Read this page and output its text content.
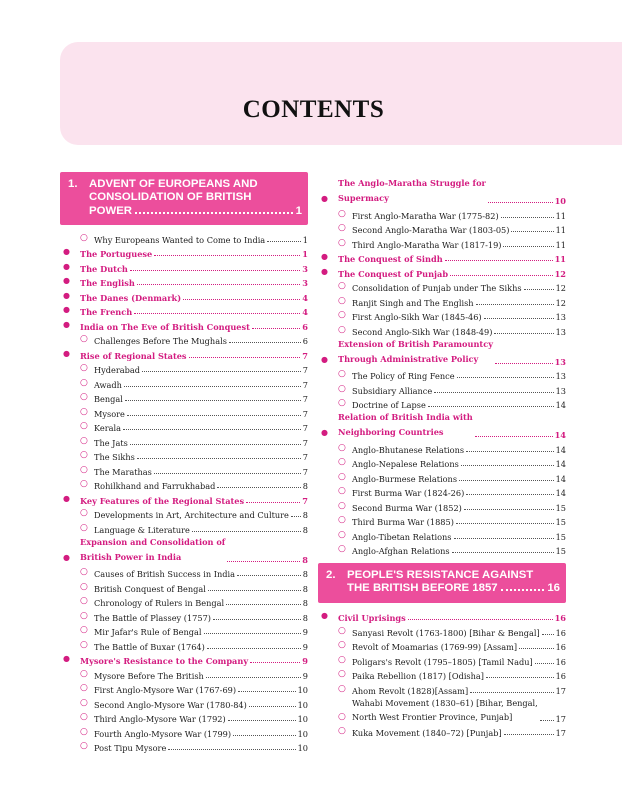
CONTENTS
1.	ADVENT OF EUROPEANS AND
CONSOLIDATION OF BRITISH
POWER	1
○ Why Europeans Wanted to Come to India	1
● The Portuguese	1
● The Dutch	3
● The English	3
● The Danes (Denmark)	4
● The French	4
● India on The Eve of British Conquest	6
○ Challenges Before The Mughals	6
● Rise of Regional States	7
○ Hyderabad	7
○ Awadh	7
○ Bengal	7
○ Mysore	7
○ Kerala	7
○ The Jats	7
○ The Sikhs	7
○ The Marathas	7
○ Rohilkhand and Farrukhabad	8
● Key Features of the Regional States	7
○ Developments in Art, Architecture and Culture 8
○ Language & Literature	8
●
Expansion and Consolidation of
British Power in India	8
○ Causes of British Success in India	8
○ British Conquest of Bengal	8
○ Chronology of Rulers in Bengal	8
○ The Battle of Plassey (1757)	8
○ Mir Jafar's Rule of Bengal	9
○ The Battle of Buxar (1764)	9
● Mysore's Resistance to the Company	9
○ Mysore Before The British	9
○ First Anglo-Mysore War (1767-69)	10
○ Second Anglo-Mysore War (1780-84)	10
○ Third Anglo-Mysore War (1792)	10
○ Fourth Anglo-Mysore War (1799)	10
○ Post Tipu Mysore	10
●
The Anglo-Maratha Struggle for
Supermacy	10
○ First Anglo-Maratha War (1775-82)	11
○ Second Anglo-Maratha War (1803-05)	11
○ Third Anglo-Maratha War (1817-19)	11
● The Conquest of Sindh	11
● The Conquest of Punjab	12
○ Consolidation of Punjab under The Sikhs	12
○ Ranjit Singh and The English	12
○ First Anglo-Sikh War (1845-46)	13
○ Second Anglo-Sikh War (1848-49)	13
●
Extension of British Paramountcy
Through Administrative Policy	13
○ The Policy of Ring Fence	13
○ Subsidiary Alliance	13
○ Doctrine of Lapse	14
●
Relation of British India with
Neighboring Countries	14
○ Anglo-Bhutanese Relations	14
○ Anglo-Nepalese Relations	14
○ Anglo-Burmese Relations	14
○ First Burma War (1824-26)	14
○ Second Burma War (1852)	15
○ Third Burma War (1885)	15
○ Anglo-Tibetan Relations	15
○ Anglo-Afghan Relations	15
2.	PEOPLE'S RESISTANCE AGAINST
THE BRITISH BEFORE 1857	16
● Civil Uprisings	16
○ Sanyasi Revolt (1763-1800) [Bihar & Bengal] 16
○ Revolt of Moamarias (1769-99) [Assam]	16
○ Poligars's Revolt (1795–1805) [Tamil Nadu]	16
○ Paika Rebellion (1817) [Odisha]	16
○ Ahom Revolt (1828)[Assam]	17
○
Wahabi Movement (1830–61) [Bihar, Bengal,
North West Frontier Province, Punjab]	17
○ Kuka Movement (1840–72) [Punjab]	17
